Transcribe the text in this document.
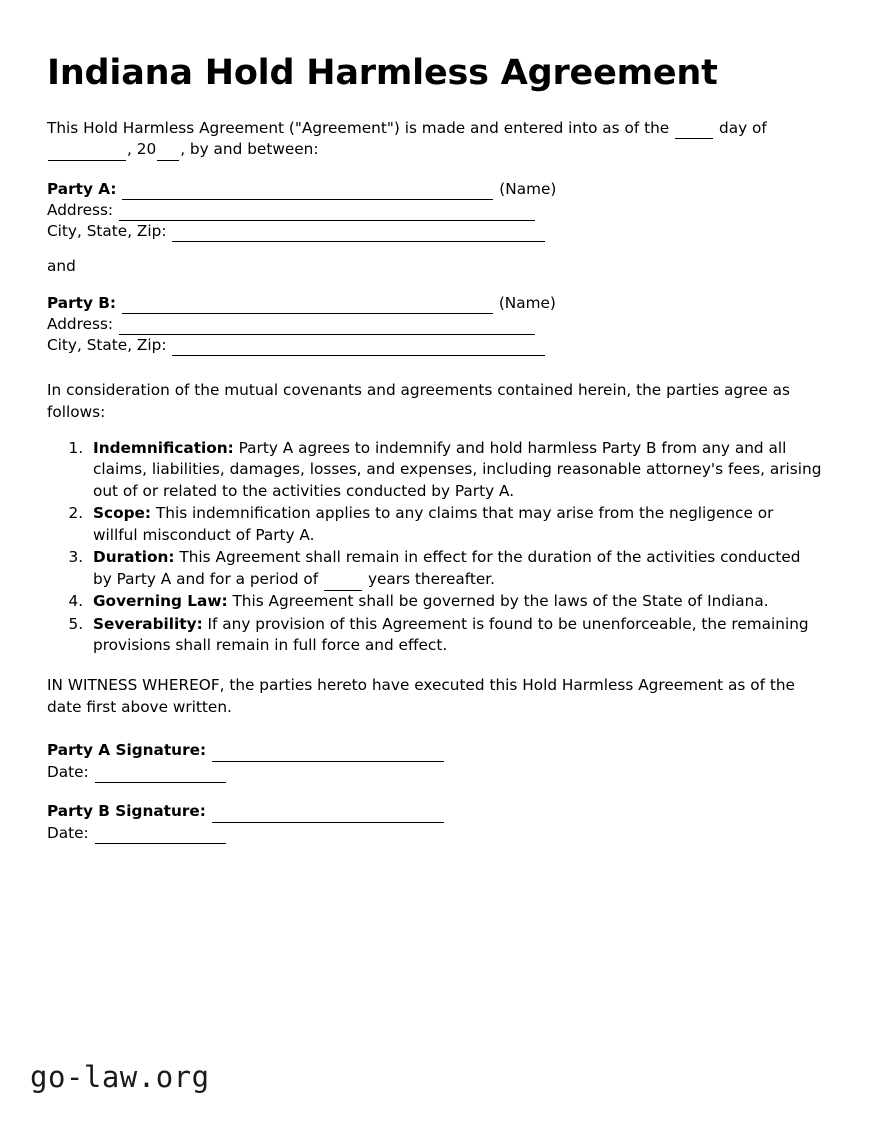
Indiana Hold Harmless Agreement

This Hold Harmless Agreement ("Agreement") is made and entered into as of the	day of , 20 , by and between:

Party A:	(Name)
Address:
City, State, Zip:
and
Party B:	(Name)
Address:
City, State, Zip:

In consideration of the mutual covenants and agreements contained herein, the parties agree as follows:

1. Indemnification: Party A agrees to indemnify and hold harmless Party B from any and all claims, liabilities, damages, losses, and expenses, including reasonable attorney's fees, arising out of or related to the activities conducted by Party A.
2. Scope: This indemnification applies to any claims that may arise from the negligence or willful misconduct of Party A.
3. Duration: This Agreement shall remain in effect for the duration of the activities conducted by Party A and for a period of	years thereafter.
4. Governing Law: This Agreement shall be governed by the laws of the State of Indiana.
5. Severability: If any provision of this Agreement is found to be unenforceable, the remaining provisions shall remain in full force and effect.

IN WITNESS WHEREOF, the parties hereto have executed this Hold Harmless Agreement as of the date first above written.

Party A Signature:
Date:
Party B Signature:
Date:
go-law.org
